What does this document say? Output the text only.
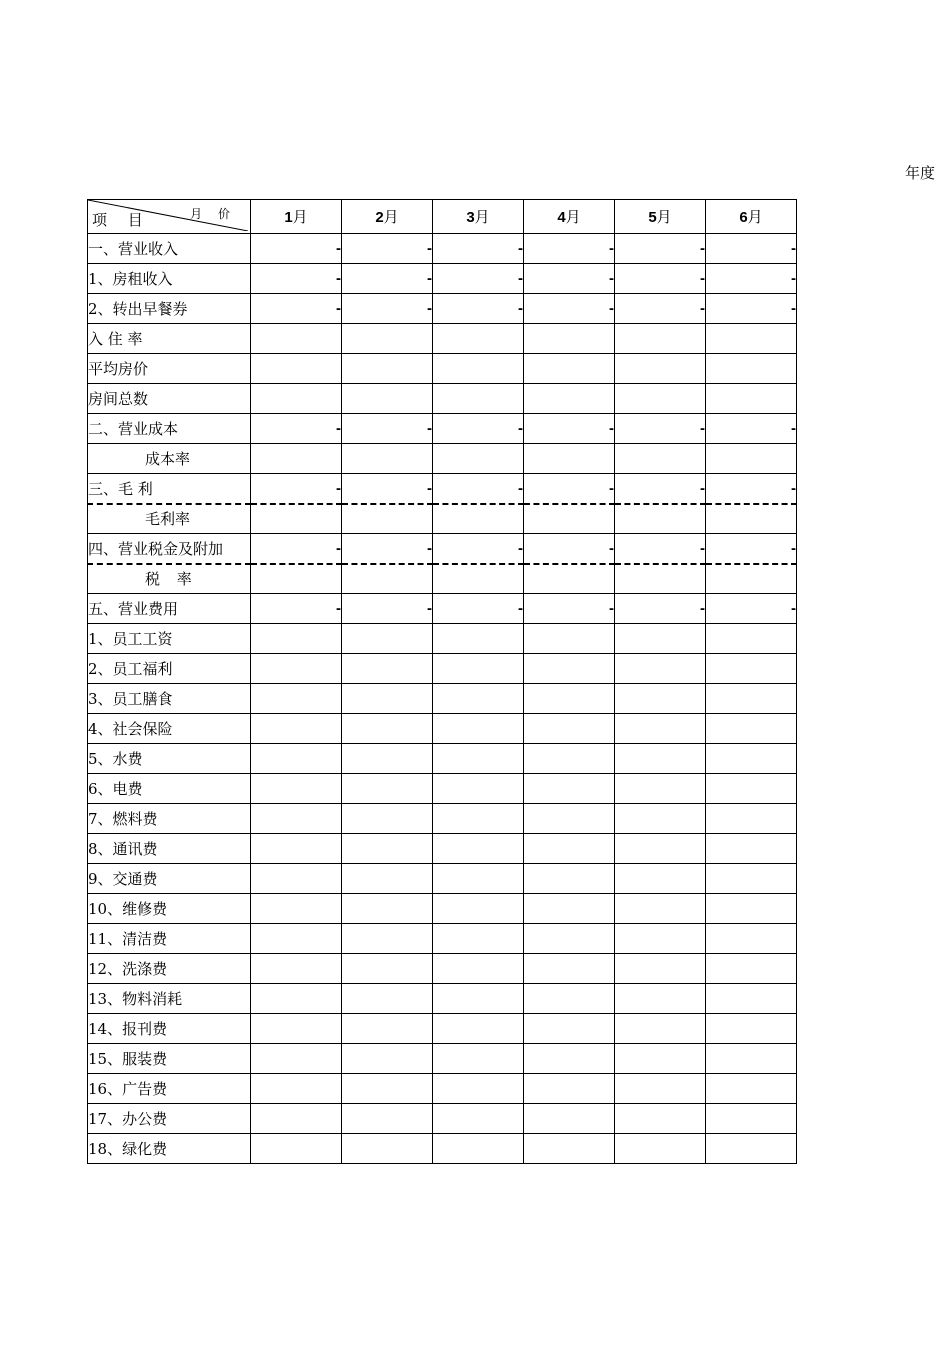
年度
月 价
项 目	1月	2月	3月	4月	5月	6月
一、营业收入	-	-	-	-	-	-
1、房租收入	-	-	-	-	-	-
2、转出早餐券	-	-	-	-	-	-
入 住 率						
平均房价						
房间总数						
二、营业成本	-	-	-	-	-	-
成本率						
三、毛 利	-	-	-	-	-	-
毛利率						
四、营业税金及附加	-	-	-	-	-	-
税 率						
五、营业费用	-	-	-	-	-	-
1、员工工资						
2、员工福利						
3、员工膳食						
4、社会保险						
5、水费						
6、电费						
7、燃料费						
8、通讯费						
9、交通费						
10、维修费						
11、清洁费						
12、洗涤费						
13、物料消耗						
14、报刊费						
15、服装费						
16、广告费						
17、办公费						
18、绿化费						
